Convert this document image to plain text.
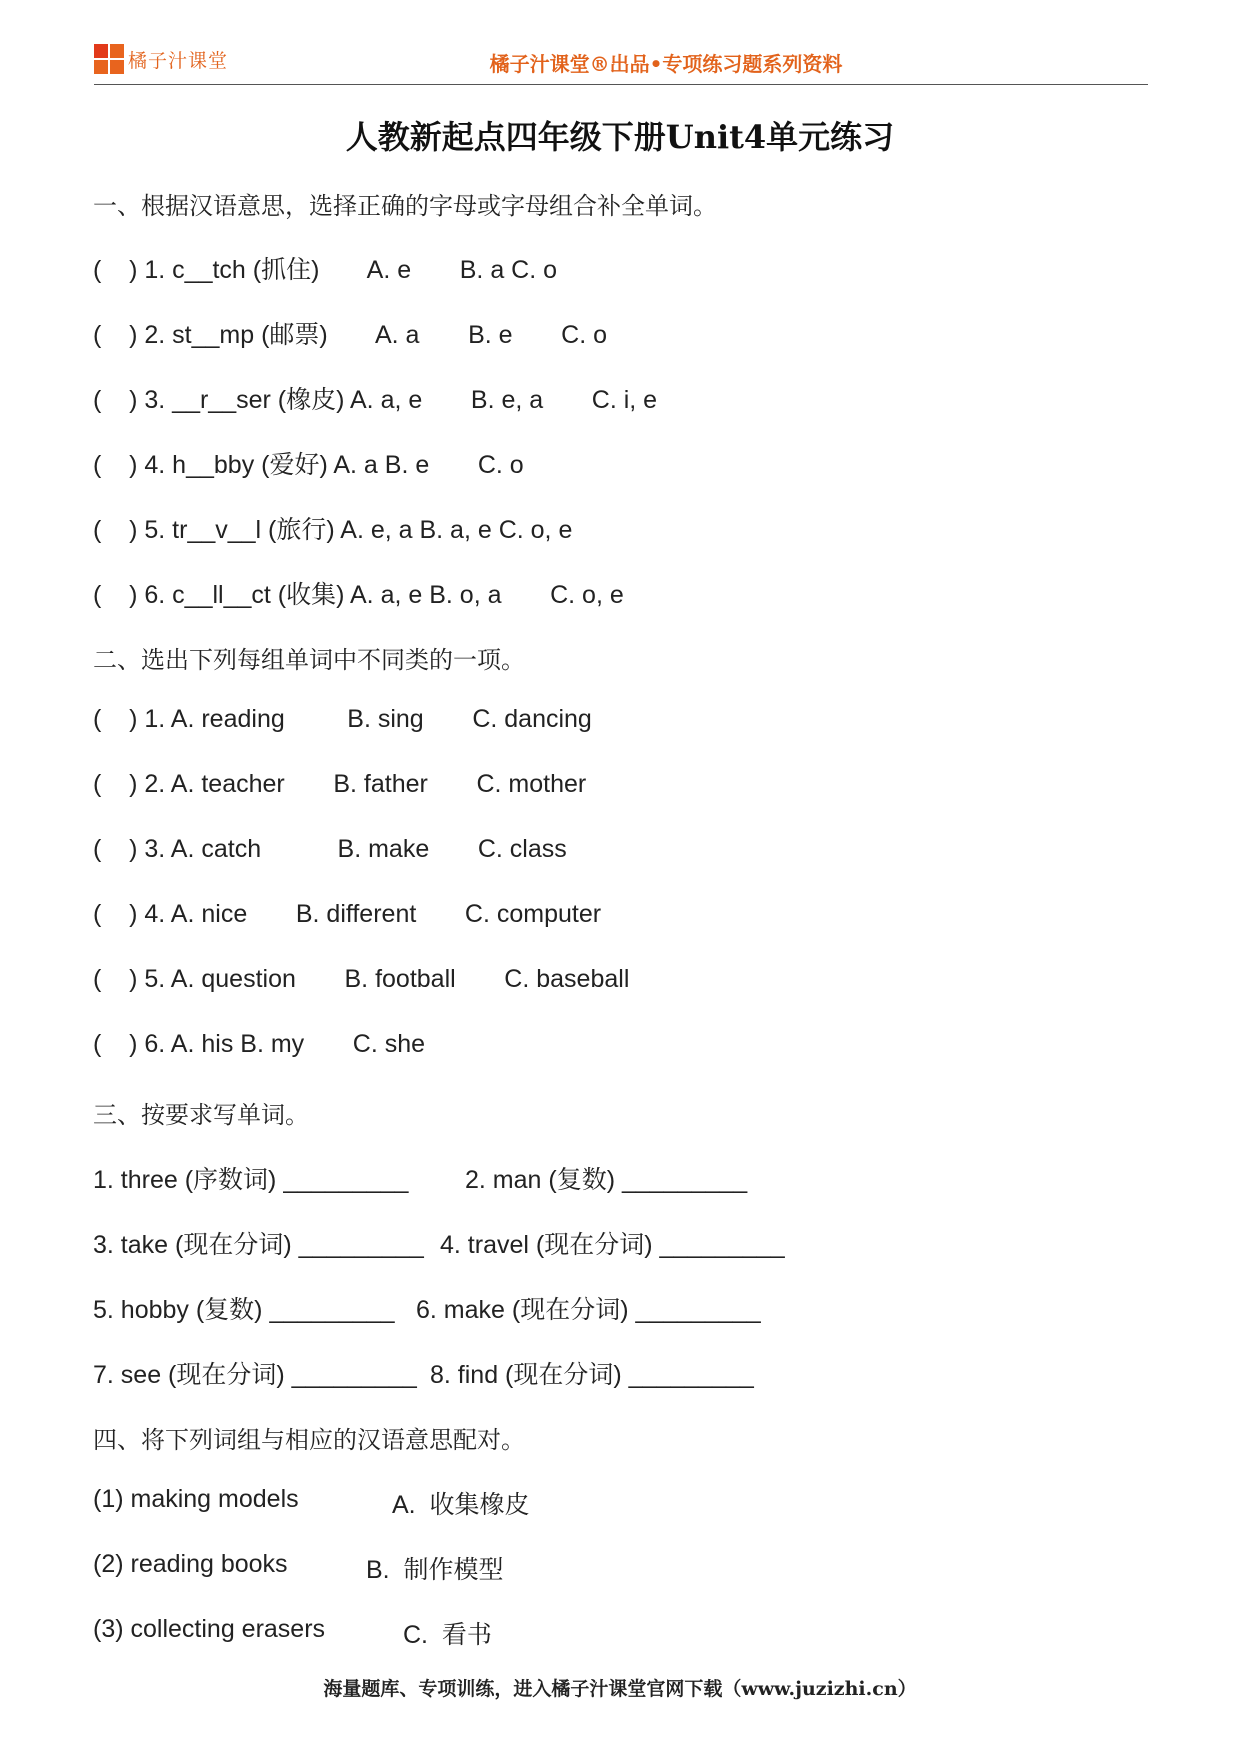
橘子汁课堂	橘子汁课堂®出品•专项练习题系列资料
人教新起点四年级下册Unit4单元练习
一、根据汉语意思，选择正确的字母或字母组合补全单词。
(    ) 1. c__tch (抓住)       A. e       B. a C. o
(    ) 2. st__mp (邮票)       A. a       B. e       C. o
(    ) 3. __r__ser (橡皮) A. a, e       B. e, a       C. i, e
(    ) 4. h__bby (爱好) A. a B. e       C. o
(    ) 5. tr__v__l (旅行) A. e, a B. a, e C. o, e
(    ) 6. c__ll__ct (收集) A. a, e B. o, a       C. o, e
二、选出下列每组单词中不同类的一项。
(    ) 1. A. reading         B. sing       C. dancing
(    ) 2. A. teacher       B. father       C. mother
(    ) 3. A. catch           B. make       C. class
(    ) 4. A. nice       B. different       C. computer
(    ) 5. A. question       B. football       C. baseball
(    ) 6. A. his B. my       C. she
三、按要求写单词。
1. three (序数词) _________ 2. man (复数) _________
3. take (现在分词) _________ 4. travel (现在分词) _________
5. hobby (复数) _________ 6. make (现在分词) _________
7. see (现在分词) _________ 8. find (现在分词) _________
四、将下列词组与相应的汉语意思配对。
(1) making models	A.  收集橡皮
(2) reading books	B.  制作模型
(3) collecting erasers	C.  看书
海量题库、专项训练，进入橘子汁课堂官网下载（www.juzizhi.cn）
